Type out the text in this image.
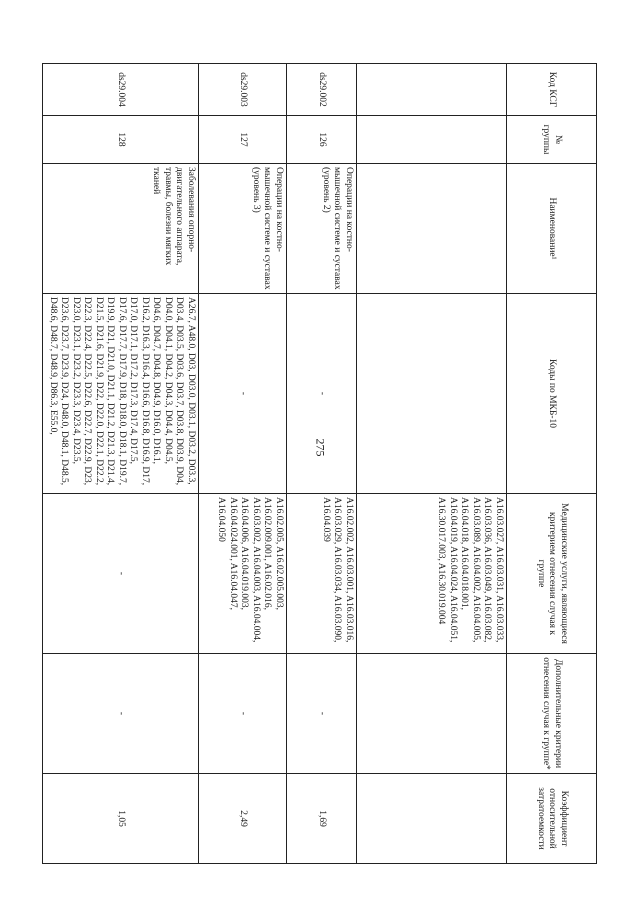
275
Код КСГ	№ группы	Наименование¹	Коды по МКБ-10	Медицинские услуги, являющиеся критерием отнесения случая к группе	Дополнительные критерии отнесения случая к группе*	Коэффициент относительной затратоемкости
				A16.03.027, A16.03.031, A16.03.033, A16.03.036, A16.03.049, A16.03.082, A16.03.089, A16.04.002, A16.04.005, A16.04.018, A16.04.018.001, A16.04.019, A16.04.024, A16.04.051, A16.30.017.003, A16.30.019.004		
ds29.002	126	Операции на костно-мышечной системе и суставах (уровень 2)	-	A16.02.002, A16.03.001, A16.03.016, A16.03.029, A16.03.034, A16.03.090, A16.04.039	-	1,69
ds29.003	127	Операции на костно-мышечной системе и суставах (уровень 3)	-	A16.02.005, A16.02.005.003, A16.02.009.001, A16.02.016, A16.03.002, A16.04.003, A16.04.004, A16.04.006, A16.04.019.003, A16.04.024.001, A16.04.047, A16.04.050	-	2,49
ds29.004	128	Заболевания опорно-двигательного аппарата, травмы, болезни мягких тканей	A26.7, A48.0, D03, D03.0, D03.1, D03.2, D03.3, D03.4, D03.5, D03.6, D03.7, D03.8, D03.9, D04, D04.0, D04.1, D04.2, D04.3, D04.4, D04.5, D04.6, D04.7, D04.8, D04.9, D16.0, D16.1, D16.2, D16.3, D16.4, D16.6, D16.8, D16.9, D17, D17.0, D17.1, D17.2, D17.3, D17.4, D17.5, D17.6, D17.7, D17.9, D18, D18.0, D18.1, D19.7, D19.9, D21, D21.0, D21.1, D21.2, D21.3, D21.4, D21.5, D21.6, D21.9, D22, D22.0, D22.1, D22.2, D22.3, D22.4, D22.5, D22.6, D22.7, D22.9, D23, D23.0, D23.1, D23.2, D23.3, D23.4, D23.5, D23.6, D23.7, D23.9, D24, D48.0, D48.1, D48.5, D48.6, D48.7, D48.9, D86.3, E55.0,	-	-	1,05
